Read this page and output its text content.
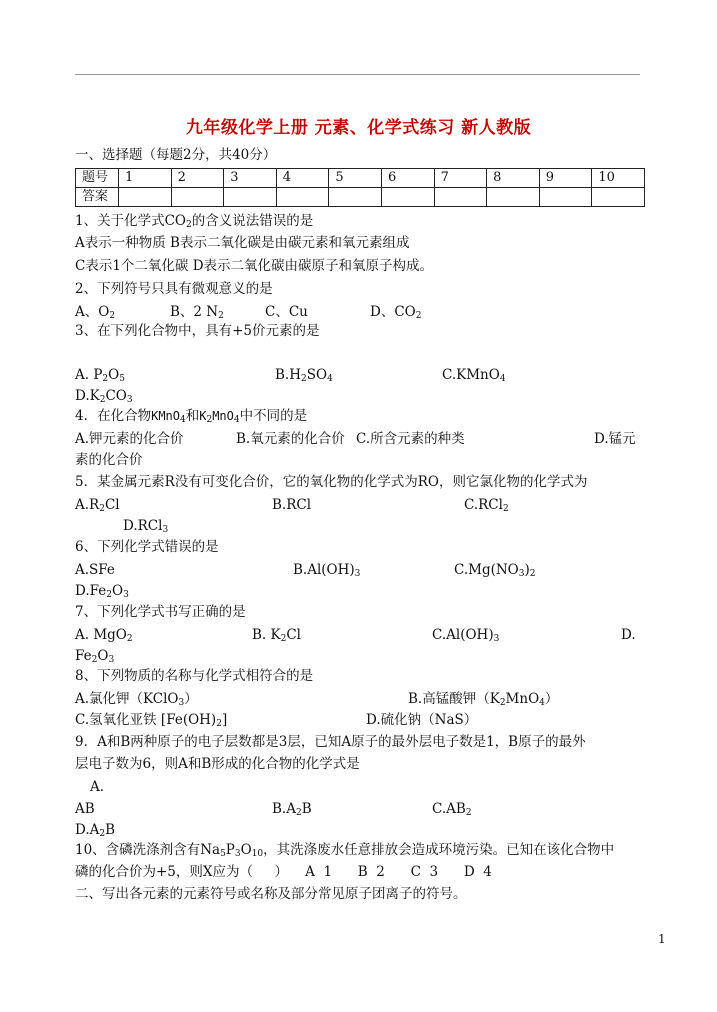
九年级化学上册 元素、化学式练习 新人教版
一、选择题（每题2分，共40分）
题号	1	2	3	4	5	6	7	8	9	10
答案										
1、关于化学式$CO_2$的含义说法错误的是
A表示一种物质 B表示二氧化碳是由碳元素和氧元素组成
C表示1个二氧化碳 D表示二氧化碳由碳原子和氧原子构成。
2、下列符号只具有微观意义的是
A、$O_2$	B、2 $N_2$	C、Cu	D、$CO_2$
3、在下列化合物中，具有+5价元素的是
A. $P_2O_5$	$B.H_2SO_4$	C.KMnO$_4$
$D.K_2CO_3$
4．在化合物KMnO$_4$和$K_2MnO_4$中不同的是
A.钾元素的化合价	B.氧元素的化合价 C.所含元素的种类	D.锰元
素的化合价
5．某金属元素R没有可变化合价，它的氧化物的化学式为RO，则它氯化物的化学式为
$A.R_2Cl$	B.RCl	C.RCl$_2$
D.RCl$_3$
6、下列化学式错误的是
A.SFe	$B.Al(OH)_3$	$C.Mg(NO_3)_2$
$D.Fe_2O_3$
7、下列化学式书写正确的是
A. MgO$_2$	B. $K_2Cl$	$C.Al(OH)_3$	D.
$Fe_2O_3$
8、下列物质的名称与化学式相符合的是
A.氯化钾（KClO$_3$）	B.高锰酸钾$(K_2MnO_4)$
C.氢氧化亚铁 $[Fe(OH)_2]$	D.硫化钠（NaS）
9．A和B两种原子的电子层数都是3层，已知A原子的最外层电子数是1，B原子的最外
层电子数为6，则A和B形成的化合物的化学式是
A.
AB	$B.A_2B$	$C.AB_2$
$D.A_2B$
10、含磷洗涤剂含有$Na_5P_3O_{10}$，其洗涤废水任意排放会造成环境污染。已知在该化合物中
磷的化合价为+5，则X应为（     ）    A  1      B  2      C  3      D  4
二、写出各元素的元素符号或名称及部分常见原子团离子的符号。
1
